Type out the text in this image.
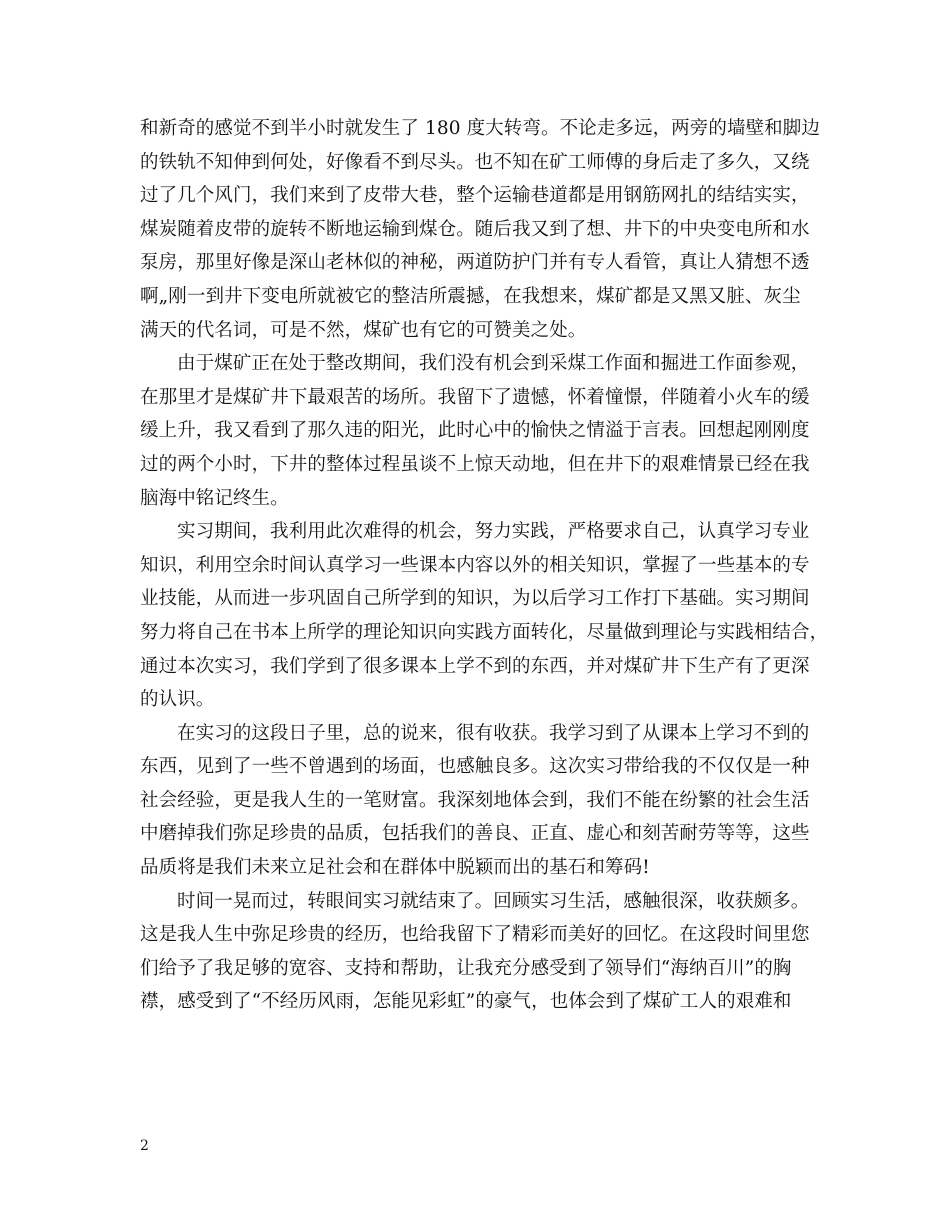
和新奇的感觉不到半小时就发生了 180 度大转弯。不论走多远，两旁的墙壁和脚边
的铁轨不知伸到何处，好像看不到尽头。也不知在矿工师傅的身后走了多久，又绕
过了几个风门，我们来到了皮带大巷，整个运输巷道都是用钢筋网扎的结结实实，
煤炭随着皮带的旋转不断地运输到煤仓。随后我又到了想、井下的中央变电所和水
泵房，那里好像是深山老林似的神秘，两道防护门并有专人看管，真让人猜想不透
啊„刚一到井下变电所就被它的整洁所震撼，在我想来，煤矿都是又黑又脏、灰尘
满天的代名词，可是不然，煤矿也有它的可赞美之处。
由于煤矿正在处于整改期间，我们没有机会到采煤工作面和掘进工作面参观，
在那里才是煤矿井下最艰苦的场所。我留下了遗憾，怀着憧憬，伴随着小火车的缓
缓上升，我又看到了那久违的阳光，此时心中的愉快之情溢于言表。回想起刚刚度
过的两个小时，下井的整体过程虽谈不上惊天动地，但在井下的艰难情景已经在我
脑海中铭记终生。
实习期间，我利用此次难得的机会，努力实践，严格要求自己，认真学习专业
知识，利用空余时间认真学习一些课本内容以外的相关知识，掌握了一些基本的专
业技能，从而进一步巩固自己所学到的知识，为以后学习工作打下基础。实习期间
努力将自己在书本上所学的理论知识向实践方面转化，尽量做到理论与实践相结合，
通过本次实习，我们学到了很多课本上学不到的东西，并对煤矿井下生产有了更深
的认识。
在实习的这段日子里，总的说来，很有收获。我学习到了从课本上学习不到的
东西，见到了一些不曾遇到的场面，也感触良多。这次实习带给我的不仅仅是一种
社会经验，更是我人生的一笔财富。我深刻地体会到，我们不能在纷繁的社会生活
中磨掉我们弥足珍贵的品质，包括我们的善良、正直、虚心和刻苦耐劳等等，这些
品质将是我们未来立足社会和在群体中脱颖而出的基石和筹码!
时间一晃而过，转眼间实习就结束了。回顾实习生活，感触很深，收获颇多。
这是我人生中弥足珍贵的经历，也给我留下了精彩而美好的回忆。在这段时间里您
们给予了我足够的宽容、支持和帮助，让我充分感受到了领导们“海纳百川”的胸
襟，感受到了“不经历风雨，怎能见彩虹”的豪气，也体会到了煤矿工人的艰难和
2
